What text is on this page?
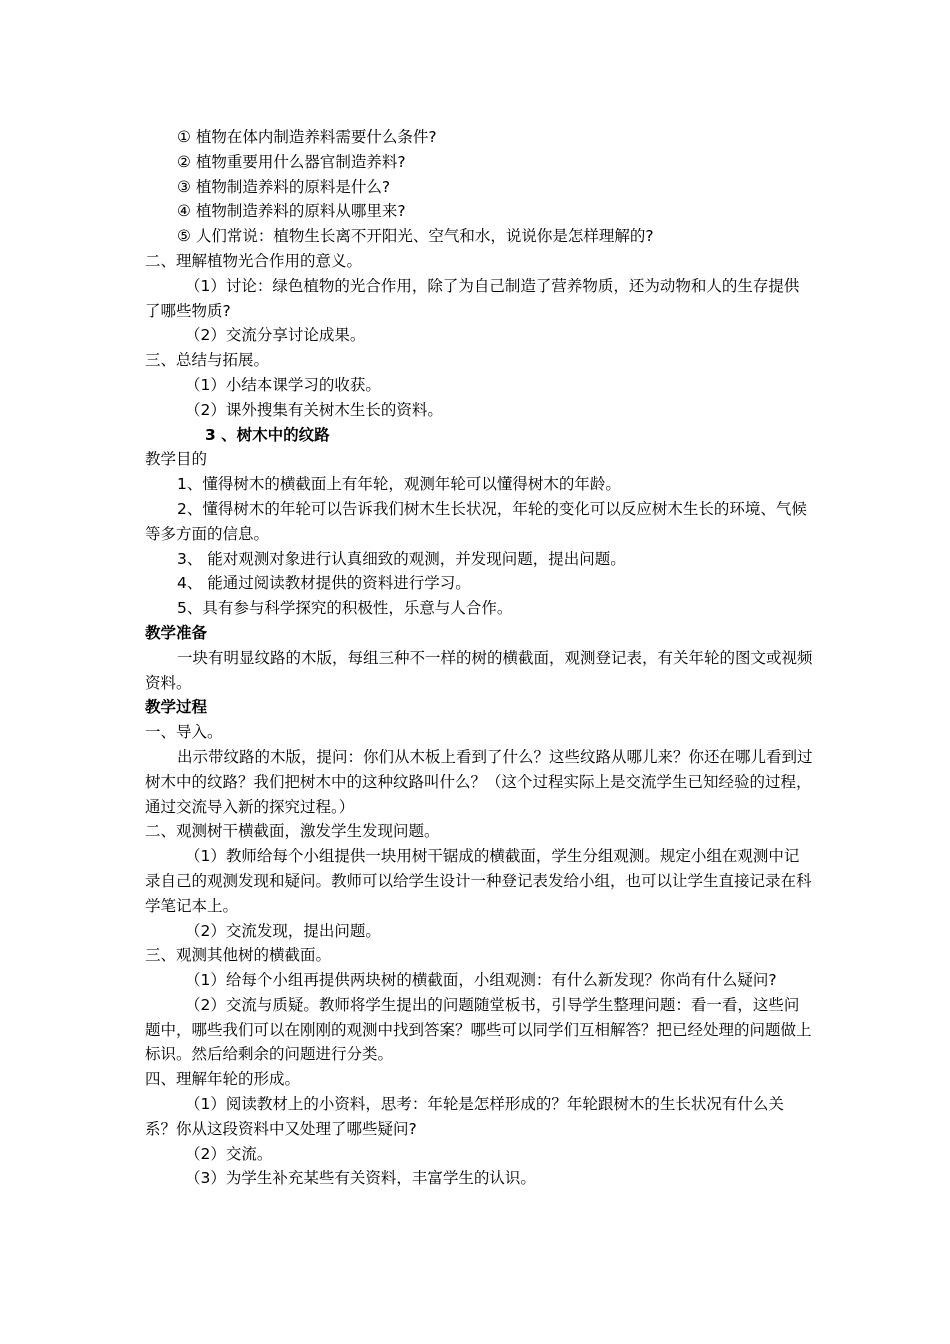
① 植物在体内制造养料需要什么条件?
② 植物重要用什么器官制造养料?
③ 植物制造养料的原料是什么?
④ 植物制造养料的原料从哪里来?
⑤ 人们常说：植物生长离不开阳光、空气和水，说说你是怎样理解的?
二、理解植物光合作用的意义。
（1）讨论：绿色植物的光合作用，除了为自己制造了营养物质，还为动物和人的生存提供了哪些物质?
（2）交流分享讨论成果。
三、总结与拓展。
（1）小结本课学习的收获。
（2）课外搜集有关树木生长的资料。
3 、树木中的纹路
教学目的
1、懂得树木的横截面上有年轮，观测年轮可以懂得树木的年龄。
2、懂得树木的年轮可以告诉我们树木生长状况，年轮的变化可以反应树木生长的环境、气候等多方面的信息。
3、 能对观测对象进行认真细致的观测，并发现问题，提出问题。
4、 能通过阅读教材提供的资料进行学习。
5、具有参与科学探究的积极性，乐意与人合作。
教学准备
一块有明显纹路的木版，每组三种不一样的树的横截面，观测登记表，有关年轮的图文或视频资料。
教学过程
一、导入。
出示带纹路的木版，提问：你们从木板上看到了什么？这些纹路从哪儿来？你还在哪儿看到过树木中的纹路？我们把树木中的这种纹路叫什么？（这个过程实际上是交流学生已知经验的过程，通过交流导入新的探究过程。）
二、观测树干横截面，激发学生发现问题。
（1）教师给每个小组提供一块用树干锯成的横截面，学生分组观测。规定小组在观测中记录自己的观测发现和疑问。教师可以给学生设计一种登记表发给小组，也可以让学生直接记录在科学笔记本上。
（2）交流发现，提出问题。
三、观测其他树的横截面。
（1）给每个小组再提供两块树的横截面，小组观测：有什么新发现？你尚有什么疑问?
（2）交流与质疑。教师将学生提出的问题随堂板书，引导学生整理问题：看一看，这些问题中，哪些我们可以在刚刚的观测中找到答案？哪些可以同学们互相解答？把已经处理的问题做上标识。然后给剩余的问题进行分类。
四、理解年轮的形成。
（1）阅读教材上的小资料，思考：年轮是怎样形成的？年轮跟树木的生长状况有什么关系？你从这段资料中又处理了哪些疑问?
（2）交流。
（3）为学生补充某些有关资料，丰富学生的认识。
